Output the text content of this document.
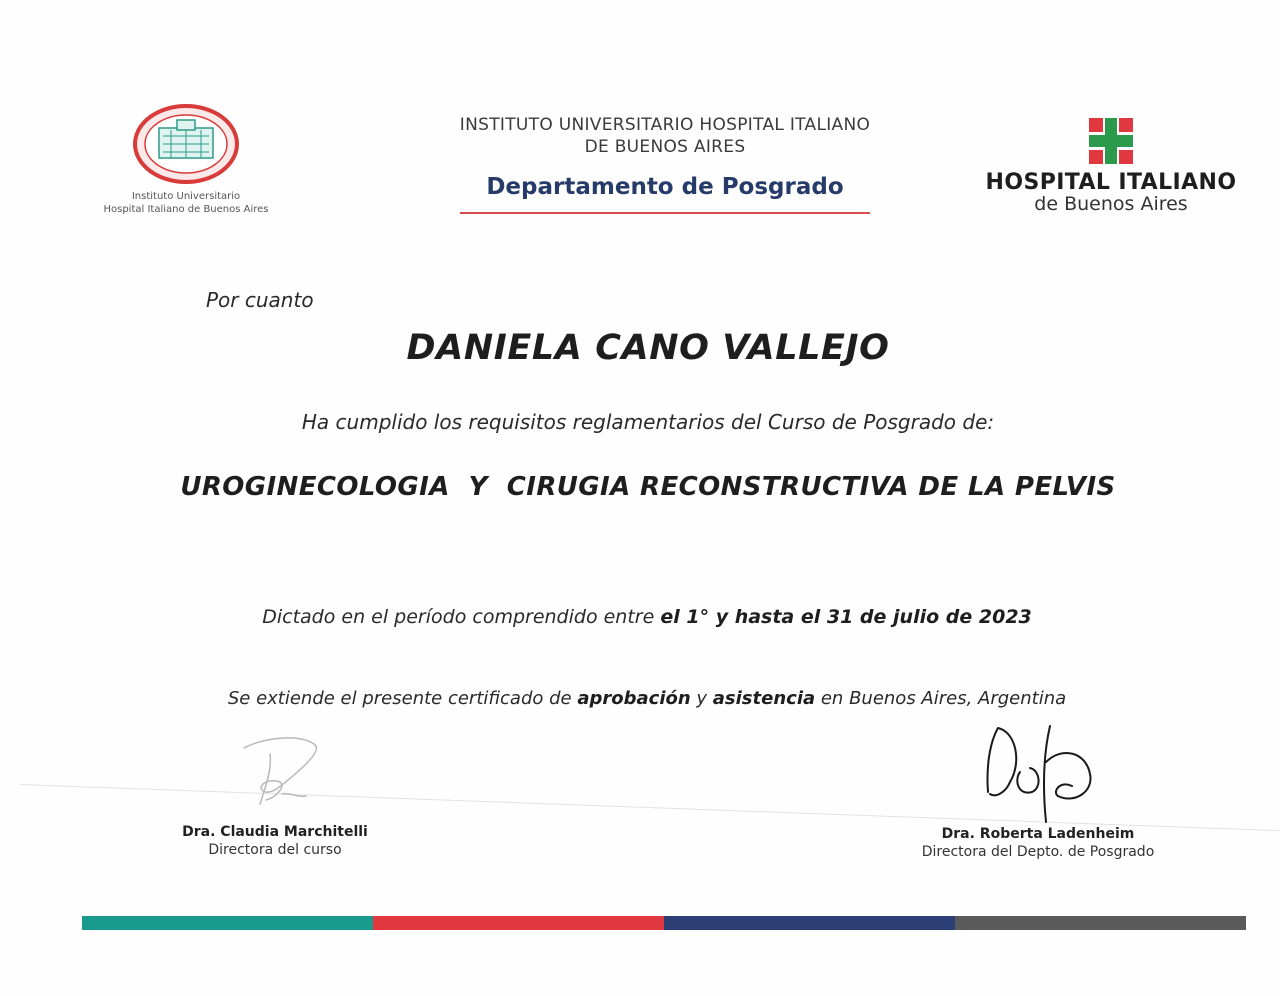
Instituto Universitario
Hospital Italiano de Buenos Aires
INSTITUTO UNIVERSITARIO HOSPITAL ITALIANO
DE BUENOS AIRES
Departamento de Posgrado	HOSPITAL ITALIANO
de Buenos Aires
Por cuanto
DANIELA CANO VALLEJO
Ha cumplido los requisitos reglamentarios del Curso de Posgrado de:
UROGINECOLOGIA  Y  CIRUGIA RECONSTRUCTIVA DE LA PELVIS
Dictado en el período comprendido entre el 1° y hasta el 31 de julio de 2023
Se extiende el presente certificado de aprobación y asistencia en Buenos Aires, Argentina
Dra. Claudia Marchitelli
Directora del curso
Dra. Roberta Ladenheim
Directora del Depto. de Posgrado
